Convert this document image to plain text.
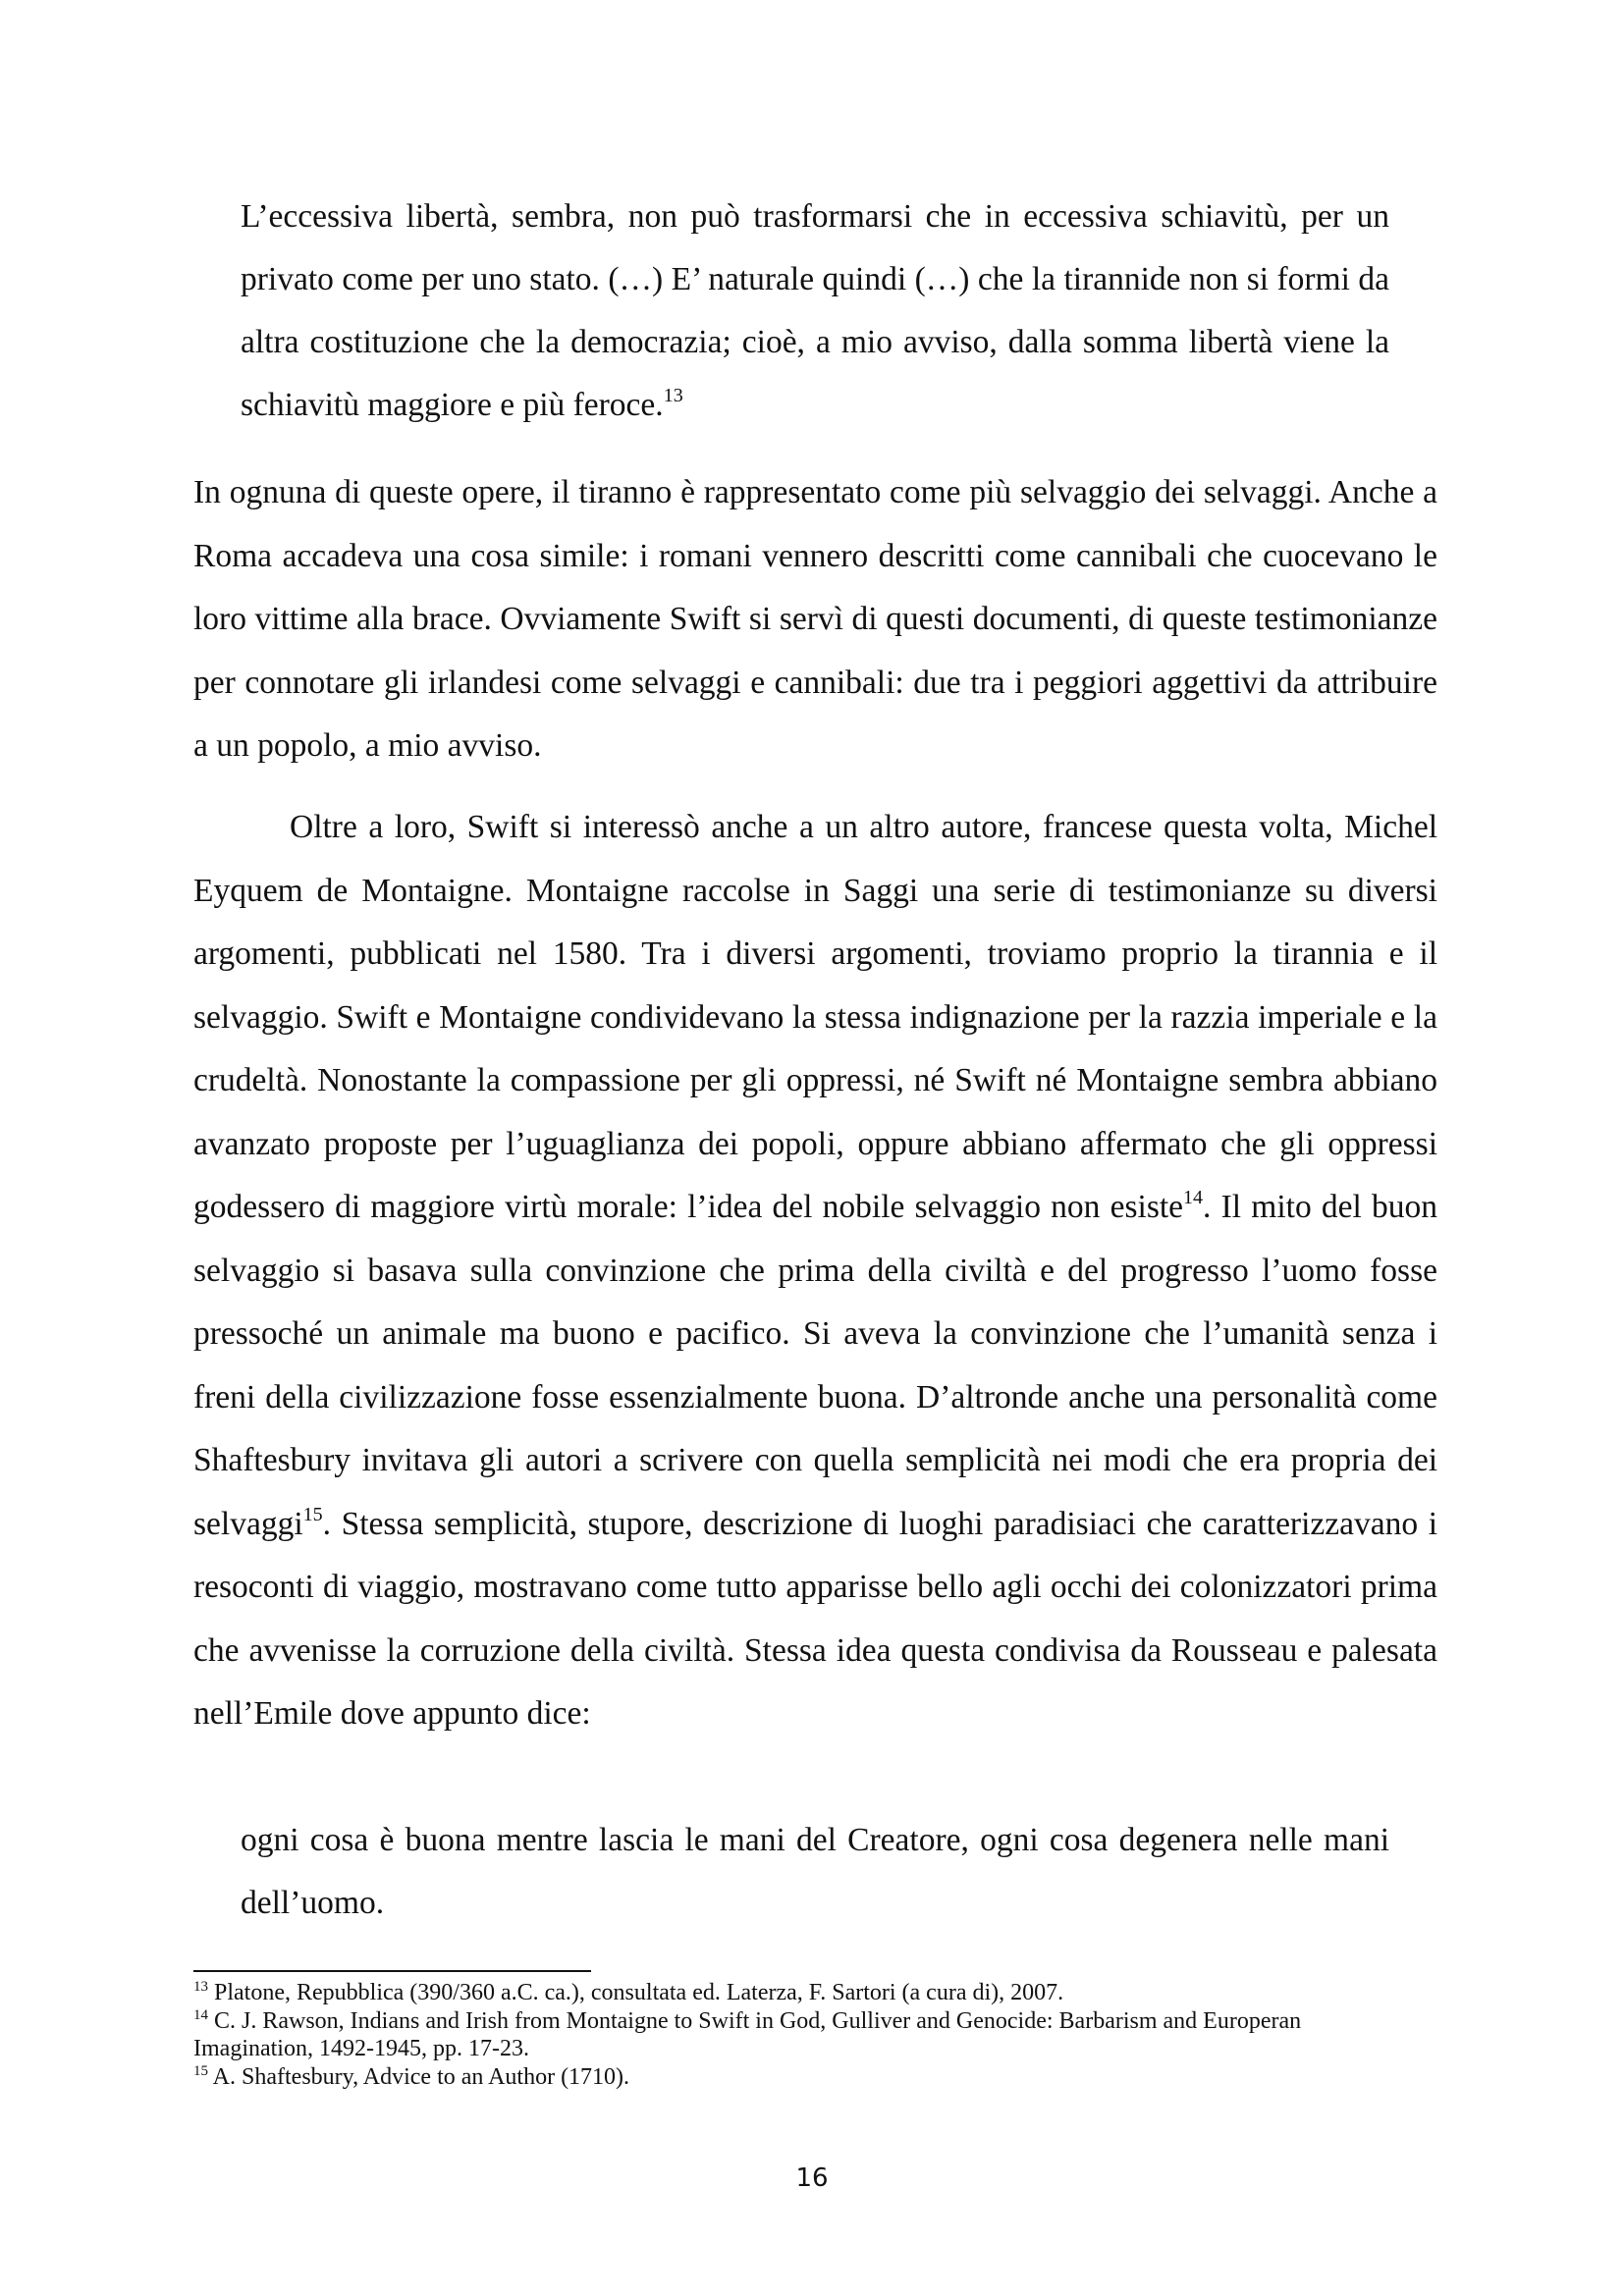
L’eccessiva libertà, sembra, non può trasformarsi che in eccessiva schiavitù, per un privato come per uno stato. (…) E’ naturale quindi (…) che la tirannide non si formi da altra costituzione che la democrazia; cioè, a mio avviso, dalla somma libertà viene la schiavitù maggiore e più feroce.$^{13}$
In ognuna di queste opere, il tiranno è rappresentato come più selvaggio dei selvaggi. Anche a Roma accadeva una cosa simile: i romani vennero descritti come cannibali che cuocevano le loro vittime alla brace. Ovviamente Swift si servì di questi documenti, di queste testimonianze per connotare gli irlandesi come selvaggi e cannibali: due tra i peggiori aggettivi da attribuire a un popolo, a mio avviso.
Oltre a loro, Swift si interessò anche a un altro autore, francese questa volta, Michel Eyquem de Montaigne. Montaigne raccolse in Saggi una serie di testimonianze su diversi argomenti, pubblicati nel 1580. Tra i diversi argomenti, troviamo proprio la tirannia e il selvaggio. Swift e Montaigne condividevano la stessa indignazione per la razzia imperiale e la crudeltà. Nonostante la compassione per gli oppressi, né Swift né Montaigne sembra abbiano avanzato proposte per l’uguaglianza dei popoli, oppure abbiano affermato che gli oppressi godessero di maggiore virtù morale: l’idea del nobile selvaggio non esiste$^{14}$. Il mito del buon selvaggio si basava sulla convinzione che prima della civiltà e del progresso l’uomo fosse pressoché un animale ma buono e pacifico. Si aveva la convinzione che l’umanità senza i freni della civilizzazione fosse essenzialmente buona. D’altronde anche una personalità come Shaftesbury invitava gli autori a scrivere con quella semplicità nei modi che era propria dei selvaggi$^{15}$. Stessa semplicità, stupore, descrizione di luoghi paradisiaci che caratterizzavano i resoconti di viaggio, mostravano come tutto apparisse bello agli occhi dei colonizzatori prima che avvenisse la corruzione della civiltà. Stessa idea questa condivisa da Rousseau e palesata nell’Emile dove appunto dice:
ogni cosa è buona mentre lascia le mani del Creatore, ogni cosa degenera nelle mani dell’uomo.

$^{13}$ Platone, Repubblica (390/360 a.C. ca.), consultata ed. Laterza, F. Sartori (a cura di), 2007.

$^{14}$ C. J. Rawson, Indians and Irish from Montaigne to Swift in God, Gulliver and Genocide: Barbarism and Europeran Imagination, 1492-1945, pp. 17-23.

$^{15}$ A. Shaftesbury, Advice to an Author (1710).

16
